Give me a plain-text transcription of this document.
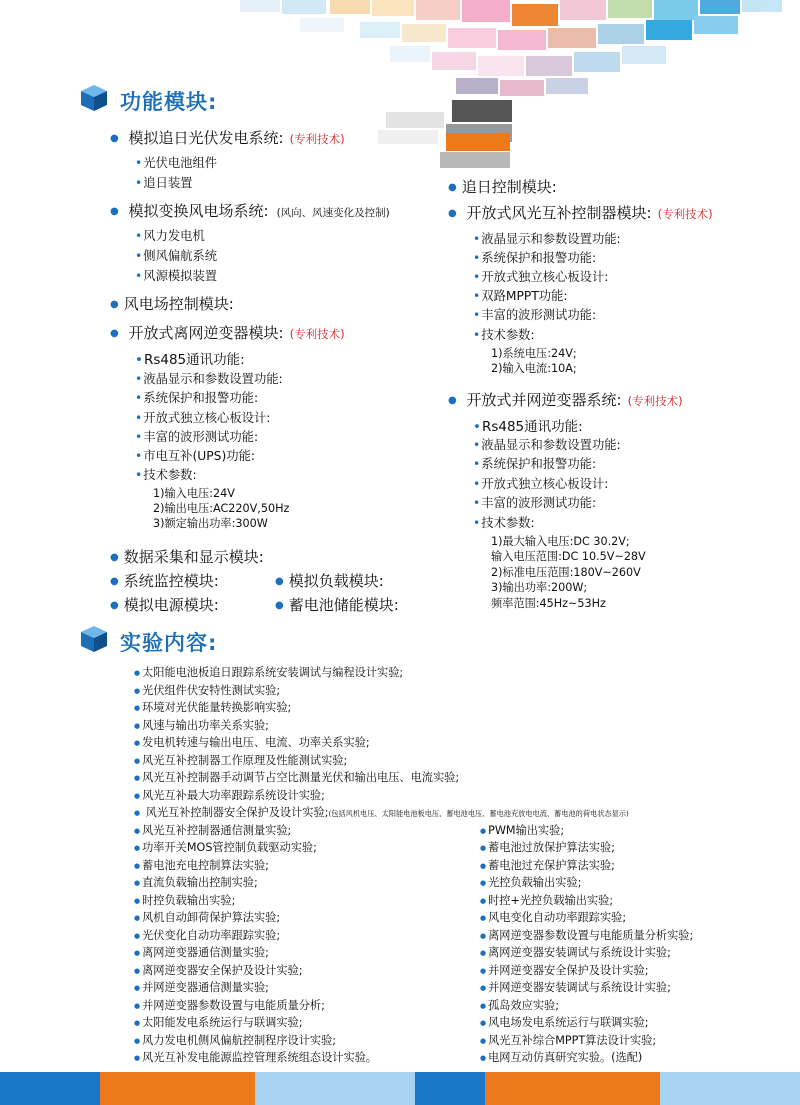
功能模块:
● 模拟追日光伏发电系统: (专利技术)
• 光伏电池组件
• 追日装置
● 模拟变换风电场系统: (风向、风速变化及控制)
• 风力发电机
• 侧风偏航系统
• 风源模拟装置
● 风电场控制模块:
● 开放式离网逆变器模块: (专利技术)
• Rs485通讯功能:
• 液晶显示和参数设置功能:
• 系统保护和报警功能:
• 开放式独立核心板设计:
• 丰富的波形测试功能:
• 市电互补(UPS)功能:
• 技术参数:
1)输入电压:24V
2)输出电压:AC220V,50Hz
3)额定输出功率:300W
● 数据采集和显示模块:
● 系统监控模块:	● 模拟负载模块:
● 模拟电源模块:	● 蓄电池储能模块:
● 追日控制模块:
● 开放式风光互补控制器模块: (专利技术)
• 液晶显示和参数设置功能:
• 系统保护和报警功能:
• 开放式独立核心板设计:
• 双路MPPT功能:
• 丰富的波形测试功能:
• 技术参数:
1)系统电压:24V;
2)输入电流:10A;
● 开放式并网逆变器系统: (专利技术)
• Rs485通讯功能:
• 液晶显示和参数设置功能:
• 系统保护和报警功能:
• 开放式独立核心板设计:
• 丰富的波形测试功能:
• 技术参数:
1)最大输入电压:DC 30.2V;
输入电压范围:DC 10.5V~28V
2)标准电压范围:180V~260V
3)输出功率:200W;
频率范围:45Hz~53Hz
实验内容:
● 太阳能电池板追日跟踪系统安装调试与编程设计实验;
● 光伏组件伏安特性测试实验;
● 环境对光伏能量转换影响实验;
● 风速与输出功率关系实验;
● 发电机转速与输出电压、电流、功率关系实验;
● 风光互补控制器工作原理及性能测试实验;
● 风光互补控制器手动调节占空比测量光伏和输出电压、电流实验;
● 风光互补最大功率跟踪系统设计实验;
● 风光互补控制器安全保护及设计实验;(包括风机电压、太阳能电池板电压、蓄电池电压、蓄电池充放电电流、蓄电池的荷电状态显示)
● 风光互补控制器通信测量实验;
● 功率开关MOS管控制负载驱动实验;
● 蓄电池充电控制算法实验;
● 直流负载输出控制实验;
● 时控负载输出实验;
● 风机自动卸荷保护算法实验;
● 光伏变化自动功率跟踪实验;
● 离网逆变器通信测量实验;
● 离网逆变器安全保护及设计实验;
● 并网逆变器通信测量实验;
● 并网逆变器参数设置与电能质量分析;
● 太阳能发电系统运行与联调实验;
● 风力发电机侧风偏航控制程序设计实验;
● 风光互补发电能源监控管理系统组态设计实验。
● PWM输出实验;
● 蓄电池过放保护算法实验;
● 蓄电池过充保护算法实验;
● 光控负载输出实验;
● 时控+光控负载输出实验;
● 风电变化自动功率跟踪实验;
● 离网逆变器参数设置与电能质量分析实验;
● 离网逆变器安装调试与系统设计实验;
● 并网逆变器安全保护及设计实验;
● 并网逆变器安装调试与系统设计实验;
● 孤岛效应实验;
● 风电场发电系统运行与联调实验;
● 风光互补综合MPPT算法设计实验;
● 电网互动仿真研究实验。(选配)
